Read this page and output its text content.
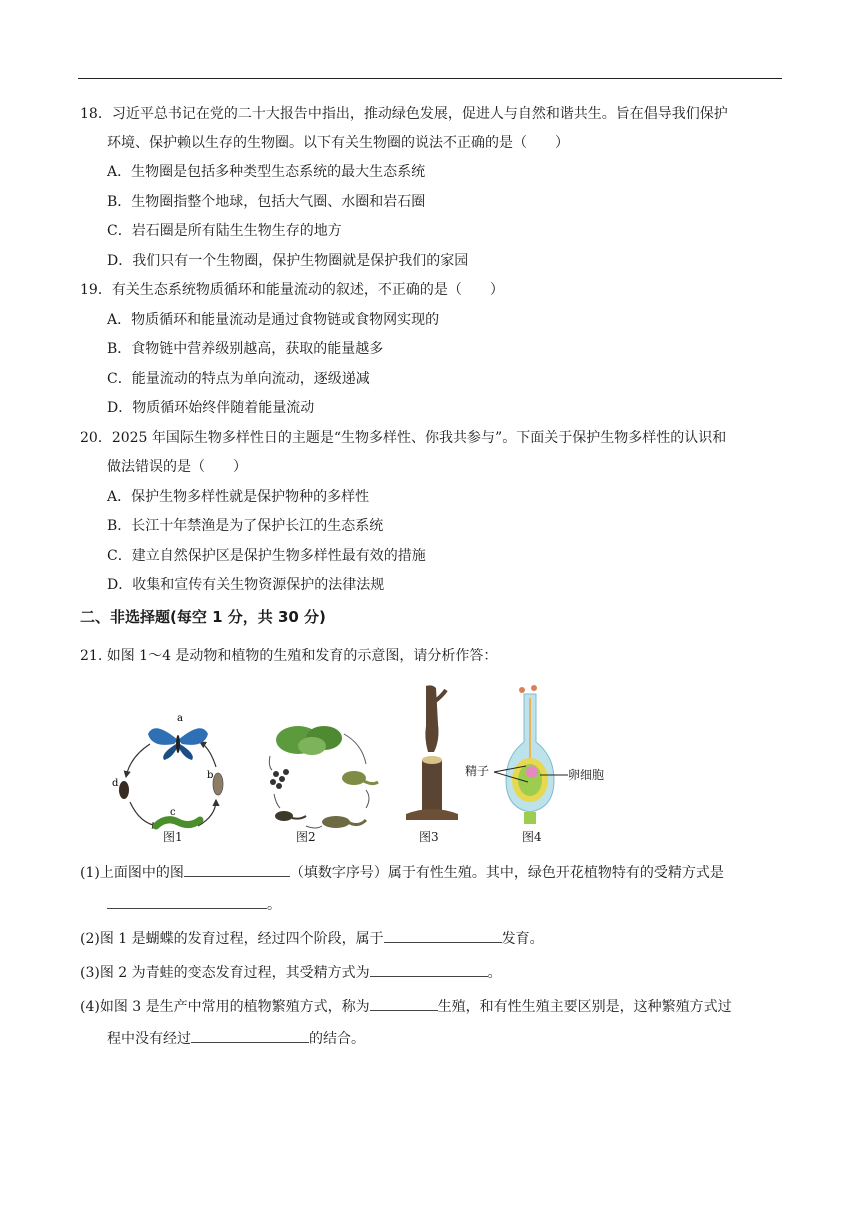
18．习近平总书记在党的二十大报告中指出，推动绿色发展，促进人与自然和谐共生。旨在倡导我们保护
环境、保护赖以生存的生物圈。以下有关生物圈的说法不正确的是（　　）
A．生物圈是包括多种类型生态系统的最大生态系统
B．生物圈指整个地球，包括大气圈、水圈和岩石圈
C．岩石圈是所有陆生生物生存的地方
D．我们只有一个生物圈，保护生物圈就是保护我们的家园
19．有关生态系统物质循环和能量流动的叙述，不正确的是（　　）
A．物质循环和能量流动是通过食物链或食物网实现的
B．食物链中营养级别越高，获取的能量越多
C．能量流动的特点为单向流动，逐级递减
D．物质循环始终伴随着能量流动
20．2025 年国际生物多样性日的主题是“生物多样性、你我共参与”。下面关于保护生物多样性的认识和
做法错误的是（　　）
A．保护生物多样性就是保护物种的多样性
B．长江十年禁渔是为了保护长江的生态系统
C．建立自然保护区是保护生物多样性最有效的措施
D．收集和宣传有关生物资源保护的法律法规
二、非选择题(每空 1 分，共 30 分)
21. 如图 1～4 是动物和植物的生殖和发育的示意图，请分析作答：
a
b
c
d
图1	图2	图3
精子	卵细胞
图4
(1)上面图中的图	（填数字序号）属于有性生殖。其中，绿色开花植物特有的受精方式是
。
(2)图 1 是蝴蝶的发育过程，经过四个阶段，属于	发育。
(3)图 2 为青蛙的变态发育过程，其受精方式为	。
(4)如图 3 是生产中常用的植物繁殖方式，称为	生殖，和有性生殖主要区别是，这种繁殖方式过
程中没有经过	的结合。
